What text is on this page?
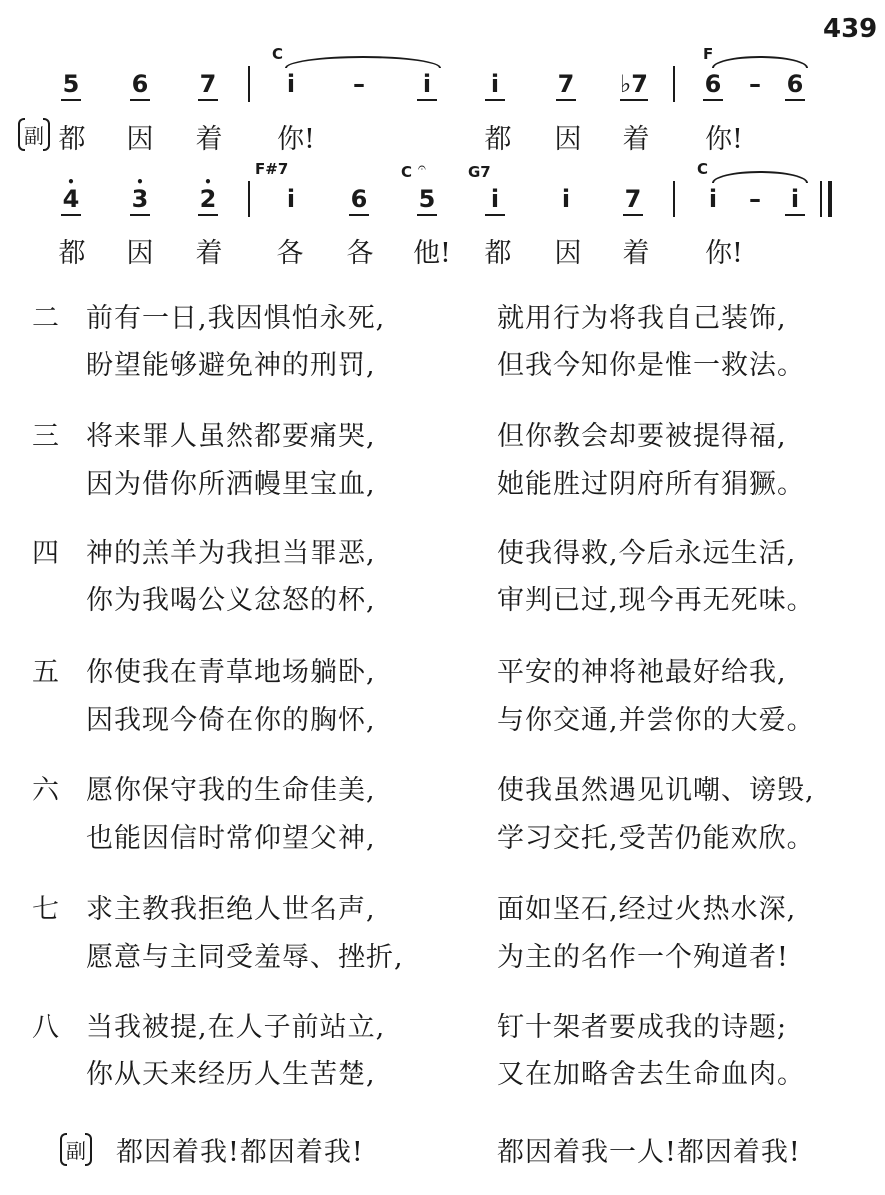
439
C	F
5 6 7	i	–	i	i	7 ♭7 6 – 6
副 都 因 着	你!	都 因 着	你!
F#7	C 𝄐	G7	C
•
4
•
3
•
2	i	6 5	i	i	7	i	–	i
都 因 着 各 各	他!	都 因 着	你!
二 前有一日,我因惧怕永死,	就用行为将我自己装饰,
盼望能够避免神的刑罚,	但我今知你是惟一救法。
三 将来罪人虽然都要痛哭,	但你教会却要被提得福,
因为借你所洒幔里宝血,	她能胜过阴府所有狷獗。
四 神的羔羊为我担当罪恶,	使我得救,今后永远生活,
你为我喝公义忿怒的杯,	审判已过,现今再无死味。
五 你使我在青草地场躺卧,	平安的神将祂最好给我,
因我现今倚在你的胸怀,	与你交通,并尝你的大爱。
六 愿你保守我的生命佳美,	使我虽然遇见讥嘲、谤毁,
也能因信时常仰望父神,	学习交托,受苦仍能欢欣。
七 求主教我拒绝人世名声,	面如坚石,经过火热水深,
愿意与主同受羞辱、挫折,	为主的名作一个殉道者!
八 当我被提,在人子前站立,	钉十架者要成我的诗题;
你从天来经历人生苦楚,	又在加略舍去生命血肉。
副 都因着我!都因着我!	都因着我一人!都因着我!
